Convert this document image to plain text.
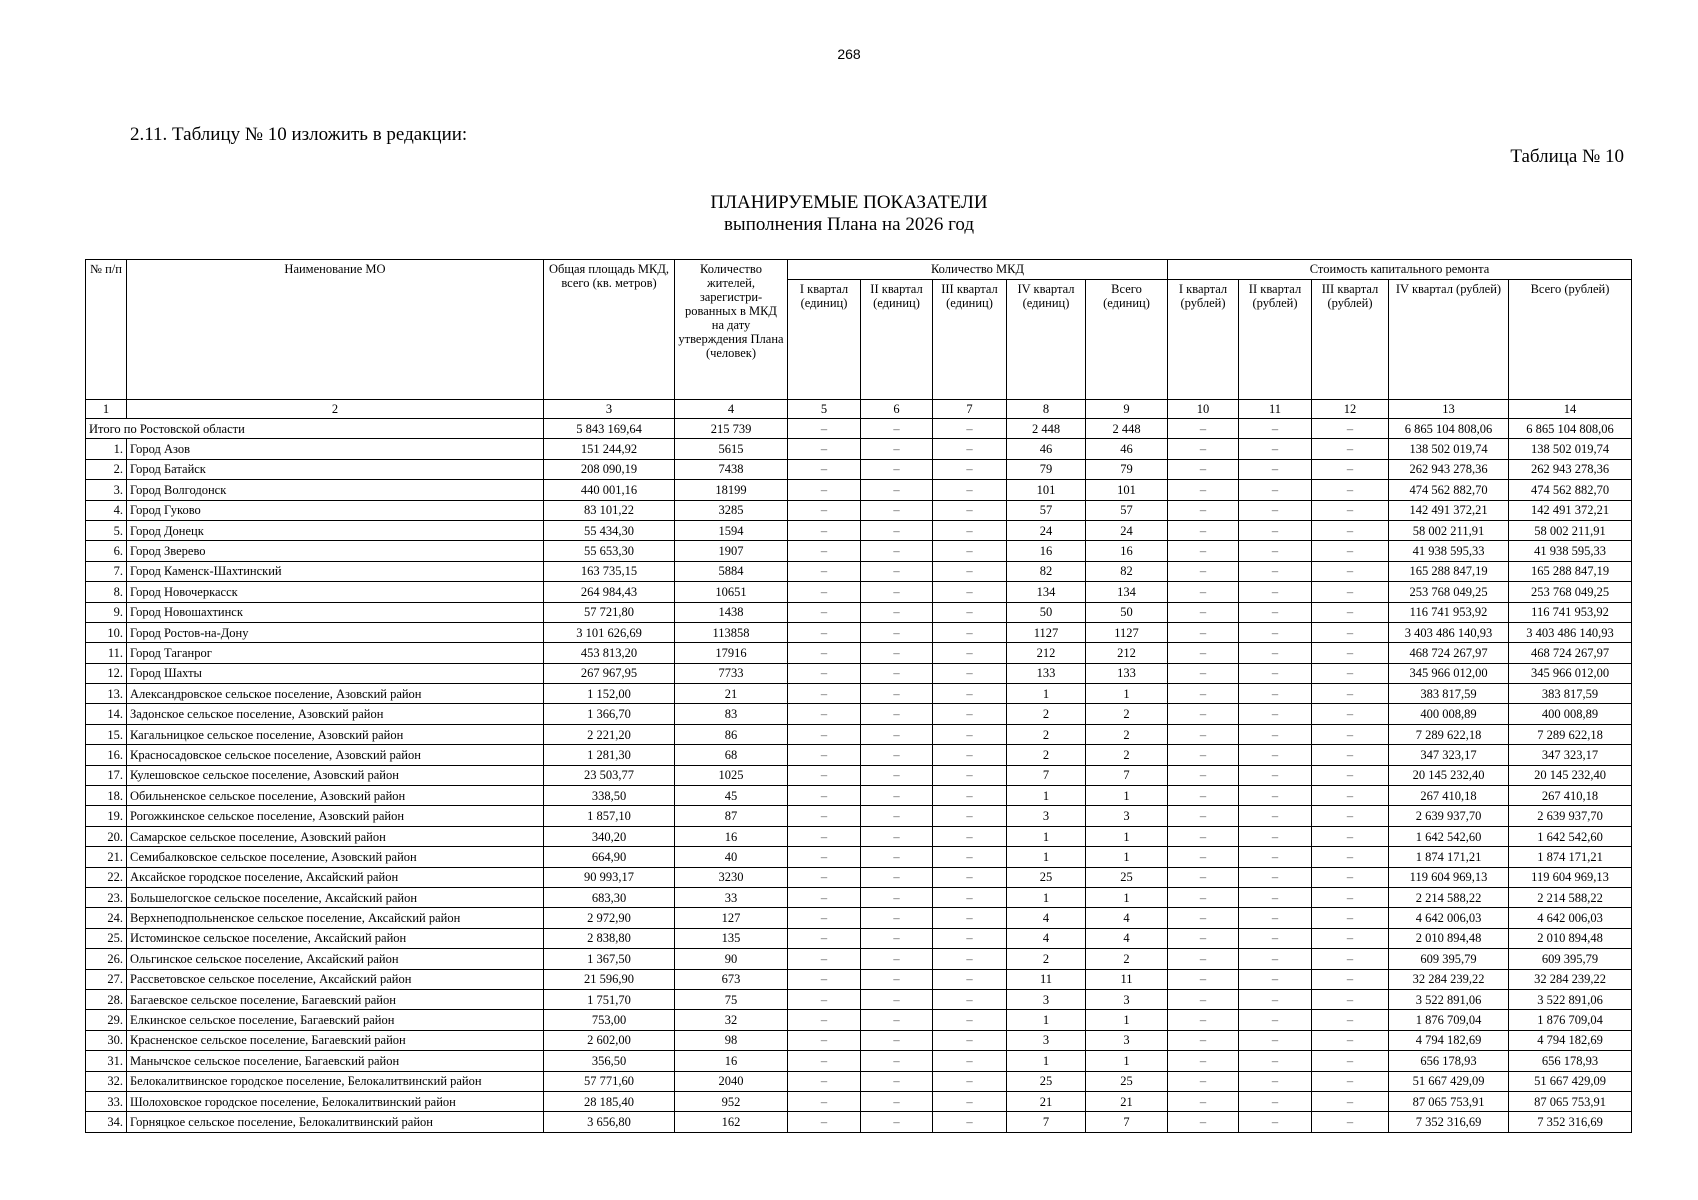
268
2.11. Таблицу № 10 изложить в редакции:
Таблица № 10
ПЛАНИРУЕМЫЕ ПОКАЗАТЕЛИ
выполнения Плана на 2026 год
№ п/п	Наименование МО	Общая площадь МКД, всего (кв. метров)	Количество жителей, зарегистри-рованных в МКД на дату утверждения Плана (человек)	Количество МКД					Стоимость капитального ремонта				
				I квартал (единиц)	II квартал (единиц)	III квартал (единиц)	IV квартал (единиц)	Всего (единиц)	I квартал (рублей)	II квартал (рублей)	III квартал (рублей)	IV квартал (рублей)	Всего (рублей)
1	2	3	4	5	6	7	8	9	10	11	12	13	14
Итого по Ростовской области		5 843 169,64	215 739	–	–	–	2 448	2 448	–	–	–	6 865 104 808,06	6 865 104 808,06
1.	Город Азов	151 244,92	5615	–	–	–	46	46	–	–	–	138 502 019,74	138 502 019,74
2.	Город Батайск	208 090,19	7438	–	–	–	79	79	–	–	–	262 943 278,36	262 943 278,36
3.	Город Волгодонск	440 001,16	18199	–	–	–	101	101	–	–	–	474 562 882,70	474 562 882,70
4.	Город Гуково	83 101,22	3285	–	–	–	57	57	–	–	–	142 491 372,21	142 491 372,21
5.	Город Донецк	55 434,30	1594	–	–	–	24	24	–	–	–	58 002 211,91	58 002 211,91
6.	Город Зверево	55 653,30	1907	–	–	–	16	16	–	–	–	41 938 595,33	41 938 595,33
7.	Город Каменск-Шахтинский	163 735,15	5884	–	–	–	82	82	–	–	–	165 288 847,19	165 288 847,19
8.	Город Новочеркасск	264 984,43	10651	–	–	–	134	134	–	–	–	253 768 049,25	253 768 049,25
9.	Город Новошахтинск	57 721,80	1438	–	–	–	50	50	–	–	–	116 741 953,92	116 741 953,92
10.	Город Ростов-на-Дону	3 101 626,69	113858	–	–	–	1127	1127	–	–	–	3 403 486 140,93	3 403 486 140,93
11.	Город Таганрог	453 813,20	17916	–	–	–	212	212	–	–	–	468 724 267,97	468 724 267,97
12.	Город Шахты	267 967,95	7733	–	–	–	133	133	–	–	–	345 966 012,00	345 966 012,00
13.	Александровское сельское поселение, Азовский район	1 152,00	21	–	–	–	1	1	–	–	–	383 817,59	383 817,59
14.	Задонское сельское поселение, Азовский район	1 366,70	83	–	–	–	2	2	–	–	–	400 008,89	400 008,89
15.	Кагальницкое сельское поселение, Азовский район	2 221,20	86	–	–	–	2	2	–	–	–	7 289 622,18	7 289 622,18
16.	Красносадовское сельское поселение, Азовский район	1 281,30	68	–	–	–	2	2	–	–	–	347 323,17	347 323,17
17.	Кулешовское сельское поселение, Азовский район	23 503,77	1025	–	–	–	7	7	–	–	–	20 145 232,40	20 145 232,40
18.	Обильненское сельское поселение, Азовский район	338,50	45	–	–	–	1	1	–	–	–	267 410,18	267 410,18
19.	Рогожкинское сельское поселение, Азовский район	1 857,10	87	–	–	–	3	3	–	–	–	2 639 937,70	2 639 937,70
20.	Самарское сельское поселение, Азовский район	340,20	16	–	–	–	1	1	–	–	–	1 642 542,60	1 642 542,60
21.	Семибалковское сельское поселение, Азовский район	664,90	40	–	–	–	1	1	–	–	–	1 874 171,21	1 874 171,21
22.	Аксайское городское поселение, Аксайский район	90 993,17	3230	–	–	–	25	25	–	–	–	119 604 969,13	119 604 969,13
23.	Большелогское сельское поселение, Аксайский район	683,30	33	–	–	–	1	1	–	–	–	2 214 588,22	2 214 588,22
24.	Верхнеподпольненское сельское поселение, Аксайский район	2 972,90	127	–	–	–	4	4	–	–	–	4 642 006,03	4 642 006,03
25.	Истоминское сельское поселение, Аксайский район	2 838,80	135	–	–	–	4	4	–	–	–	2 010 894,48	2 010 894,48
26.	Ольгинское сельское поселение, Аксайский район	1 367,50	90	–	–	–	2	2	–	–	–	609 395,79	609 395,79
27.	Рассветовское сельское поселение, Аксайский район	21 596,90	673	–	–	–	11	11	–	–	–	32 284 239,22	32 284 239,22
28.	Багаевское сельское поселение, Багаевский район	1 751,70	75	–	–	–	3	3	–	–	–	3 522 891,06	3 522 891,06
29.	Елкинское сельское поселение, Багаевский район	753,00	32	–	–	–	1	1	–	–	–	1 876 709,04	1 876 709,04
30.	Красненское сельское поселение, Багаевский район	2 602,00	98	–	–	–	3	3	–	–	–	4 794 182,69	4 794 182,69
31.	Манычское сельское поселение, Багаевский район	356,50	16	–	–	–	1	1	–	–	–	656 178,93	656 178,93
32.	Белокалитвинское городское поселение, Белокалитвинский район	57 771,60	2040	–	–	–	25	25	–	–	–	51 667 429,09	51 667 429,09
33.	Шолоховское городское поселение, Белокалитвинский район	28 185,40	952	–	–	–	21	21	–	–	–	87 065 753,91	87 065 753,91
34.	Горняцкое сельское поселение, Белокалитвинский район	3 656,80	162	–	–	–	7	7	–	–	–	7 352 316,69	7 352 316,69
